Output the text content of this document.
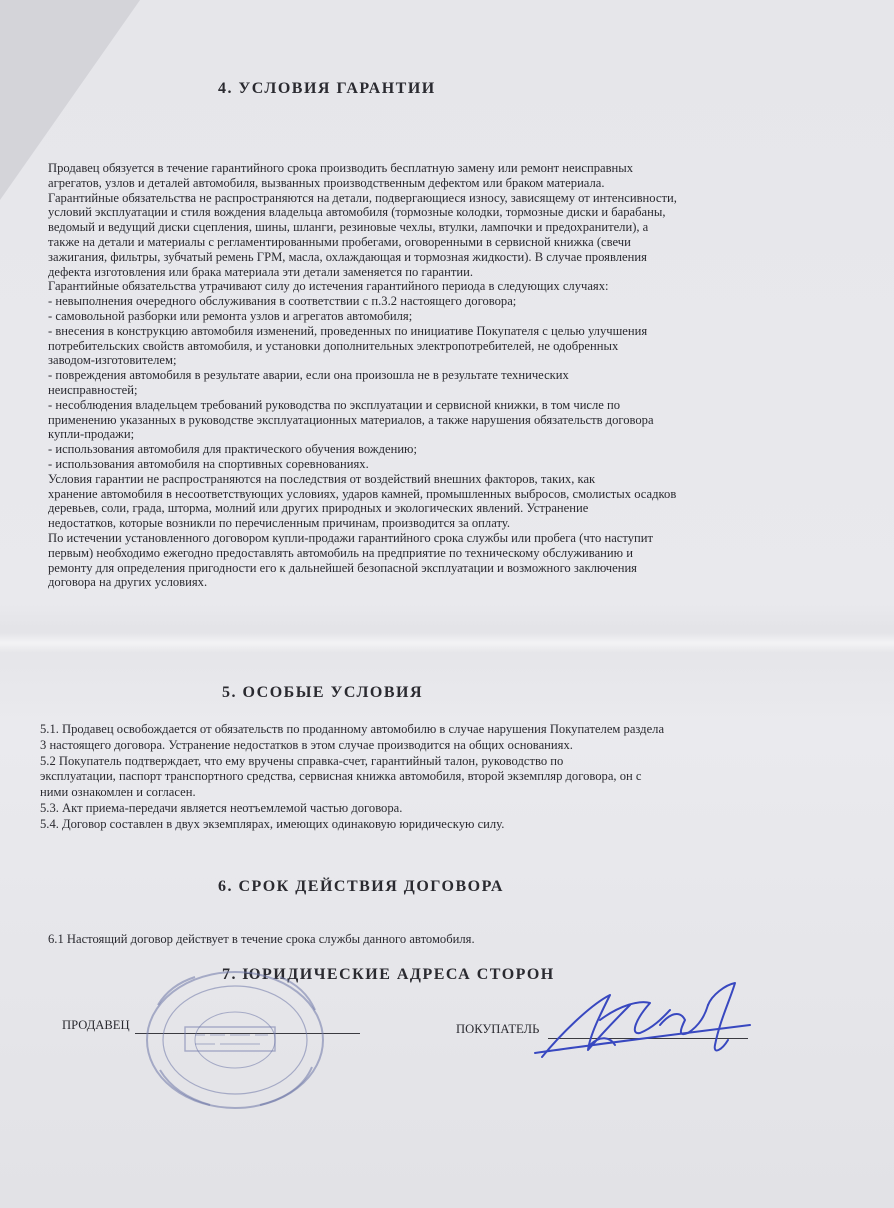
4. УСЛОВИЯ ГАРАНТИИ
Продавец обязуется в течение гарантийного срока производить бесплатную замену или ремонт неисправных
агрегатов, узлов и деталей автомобиля, вызванных производственным дефектом или браком материала.
Гарантийные обязательства не распространяются на детали, подвергающиеся износу, зависящему от интенсивности,
условий эксплуатации и стиля вождения владельца автомобиля (тормозные колодки, тормозные диски и барабаны,
ведомый и ведущий диски сцепления, шины, шланги, резиновые чехлы, втулки, лампочки и предохранители), а
также на детали и материалы с регламентированными пробегами, оговоренными в сервисной книжка (свечи
зажигания, фильтры, зубчатый ремень ГРМ, масла, охлаждающая и тормозная жидкости). В случае проявления
дефекта изготовления или брака материала эти детали заменяется по гарантии.
Гарантийные обязательства утрачивают силу до истечения гарантийного периода в следующих случаях:
- невыполнения очередного обслуживания в соответствии с п.3.2 настоящего договора;
- самовольной разборки или ремонта узлов и агрегатов автомобиля;
- внесения в конструкцию автомобиля изменений, проведенных по инициативе Покупателя с целью улучшения
потребительских свойств автомобиля, и установки дополнительных электропотребителей, не одобренных
заводом-изготовителем;
- повреждения автомобиля в результате аварии, если она произошла не в результате технических
неисправностей;
- несоблюдения владельцем требований руководства по эксплуатации и сервисной книжки, в том числе по
применению указанных в руководстве эксплуатационных материалов, а также нарушения обязательств договора
купли-продажи;
- использования автомобиля для практического обучения вождению;
- использования автомобиля на спортивных соревнованиях.
Условия гарантии не распространяются на последствия от воздействий внешних факторов, таких, как
хранение автомобиля в несоответствующих условиях, ударов камней, промышленных выбросов, смолистых осадков
деревьев, соли, града, шторма, молний или других природных и экологических явлений. Устранение
недостатков, которые возникли по перечисленным причинам, производится за оплату.
По истечении установленного договором купли-продажи гарантийного срока службы или пробега (что наступит
первым) необходимо ежегодно предоставлять автомобиль на предприятие по техническому обслуживанию и
ремонту для определения пригодности его к дальнейшей безопасной эксплуатации и возможного заключения
договора на других условиях.
5. ОСОБЫЕ УСЛОВИЯ
5.1. Продавец освобождается от обязательств по проданному автомобилю в случае нарушения Покупателем раздела
3 настоящего договора. Устранение недостатков в этом случае производится на общих основаниях.
5.2 Покупатель подтверждает, что ему вручены справка-счет, гарантийный талон, руководство по
эксплуатации, паспорт транспортного средства, сервисная книжка автомобиля, второй экземпляр договора, он с
ними ознакомлен и согласен.
5.3. Акт приема-передачи является неотъемлемой частью договора.
5.4. Договор составлен в двух экземплярах, имеющих одинаковую юридическую силу.
6. СРОК ДЕЙСТВИЯ ДОГОВОРА
6.1 Настоящий договор действует в течение срока службы данного автомобиля.
7. ЮРИДИЧЕСКИЕ АДРЕСА СТОРОН
ПРОДАВЕЦ	ПОКУПАТЕЛЬ
